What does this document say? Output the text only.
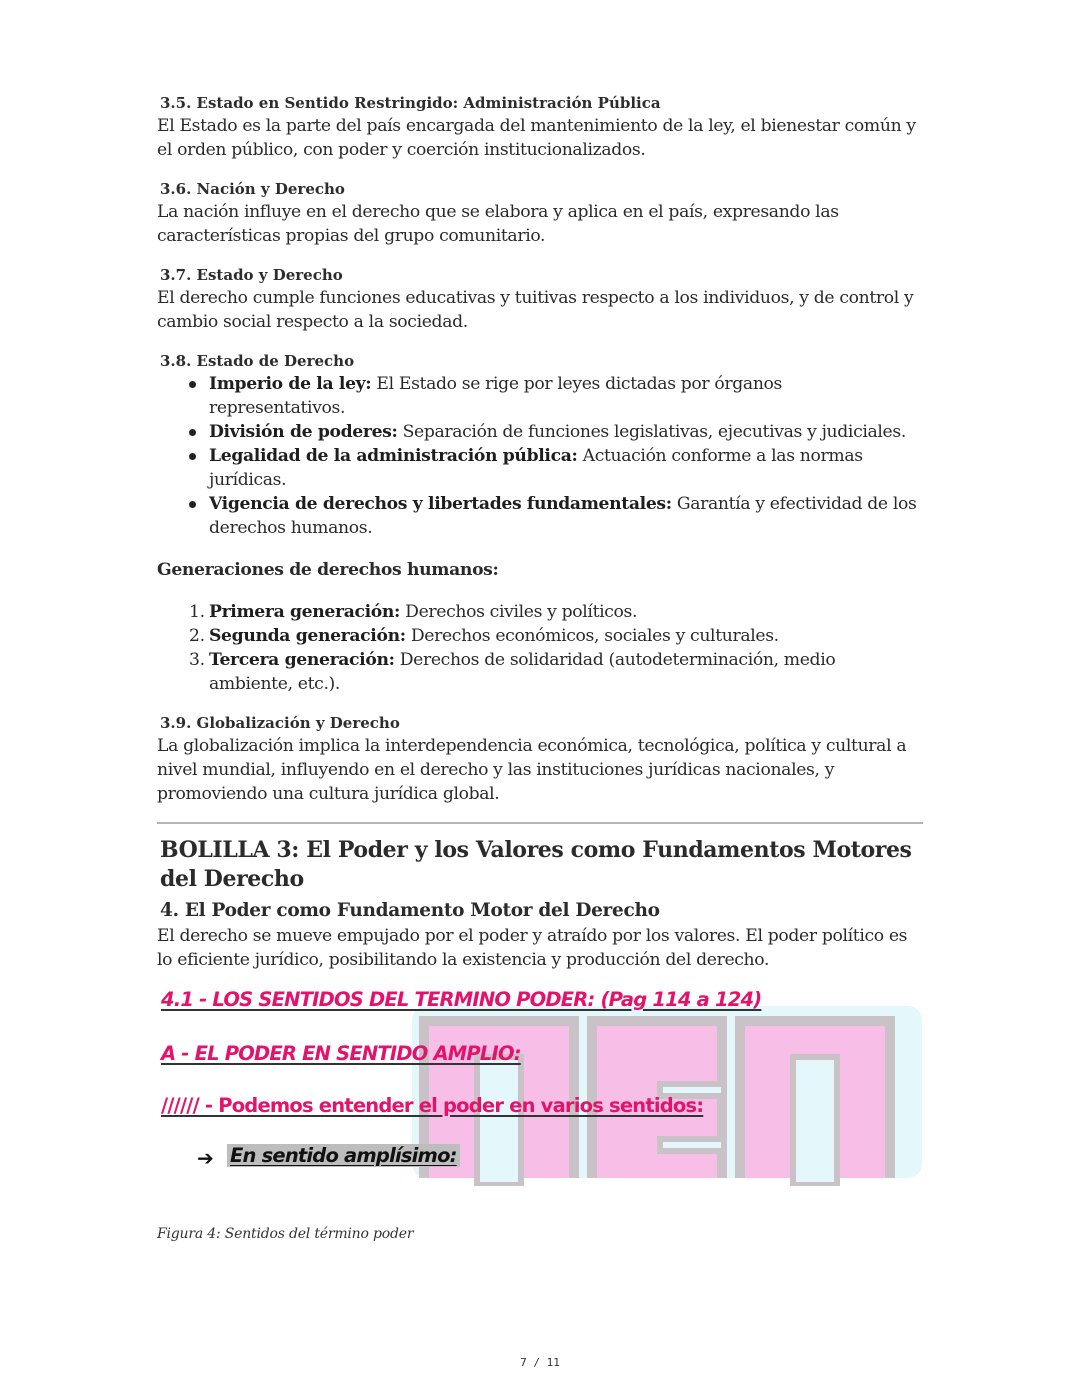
3.5. Estado en Sentido Restringido: Administración Pública

El Estado es la parte del país encargada del mantenimiento de la ley, el bienestar común y el orden público, con poder y coerción institucionalizados.

3.6. Nación y Derecho

La nación influye en el derecho que se elabora y aplica en el país, expresando las características propias del grupo comunitario.

3.7. Estado y Derecho

El derecho cumple funciones educativas y tuitivas respecto a los individuos, y de control y cambio social respecto a la sociedad.

3.8. Estado de Derecho
Imperio de la ley: El Estado se rige por leyes dictadas por órganos representativos.
División de poderes: Separación de funciones legislativas, ejecutivas y judiciales.
Legalidad de la administración pública: Actuación conforme a las normas jurídicas.
Vigencia de derechos y libertades fundamentales: Garantía y efectividad de los derechos humanos.
Generaciones de derechos humanos:
1. Primera generación: Derechos civiles y políticos.
2. Segunda generación: Derechos económicos, sociales y culturales.
3. Tercera generación: Derechos de solidaridad (autodeterminación, medio ambiente, etc.).
3.9. Globalización y Derecho

La globalización implica la interdependencia económica, tecnológica, política y cultural a nivel mundial, influyendo en el derecho y las instituciones jurídicas nacionales, y promoviendo una cultura jurídica global.

BOLILLA 3: El Poder y los Valores como Fundamentos Motores del Derecho
4. El Poder como Fundamento Motor del Derecho

El derecho se mueve empujado por el poder y atraído por los valores. El poder político es lo eficiente jurídico, posibilitando la existencia y producción del derecho.

4.1 - LOS SENTIDOS DEL TERMINO PODER: (Pag 114 a 124)
A - EL PODER EN SENTIDO AMPLIO:
////// - Podemos entender el poder en varios sentidos:
➔ En sentido amplísimo:
Figura 4: Sentidos del término poder
7 / 11
